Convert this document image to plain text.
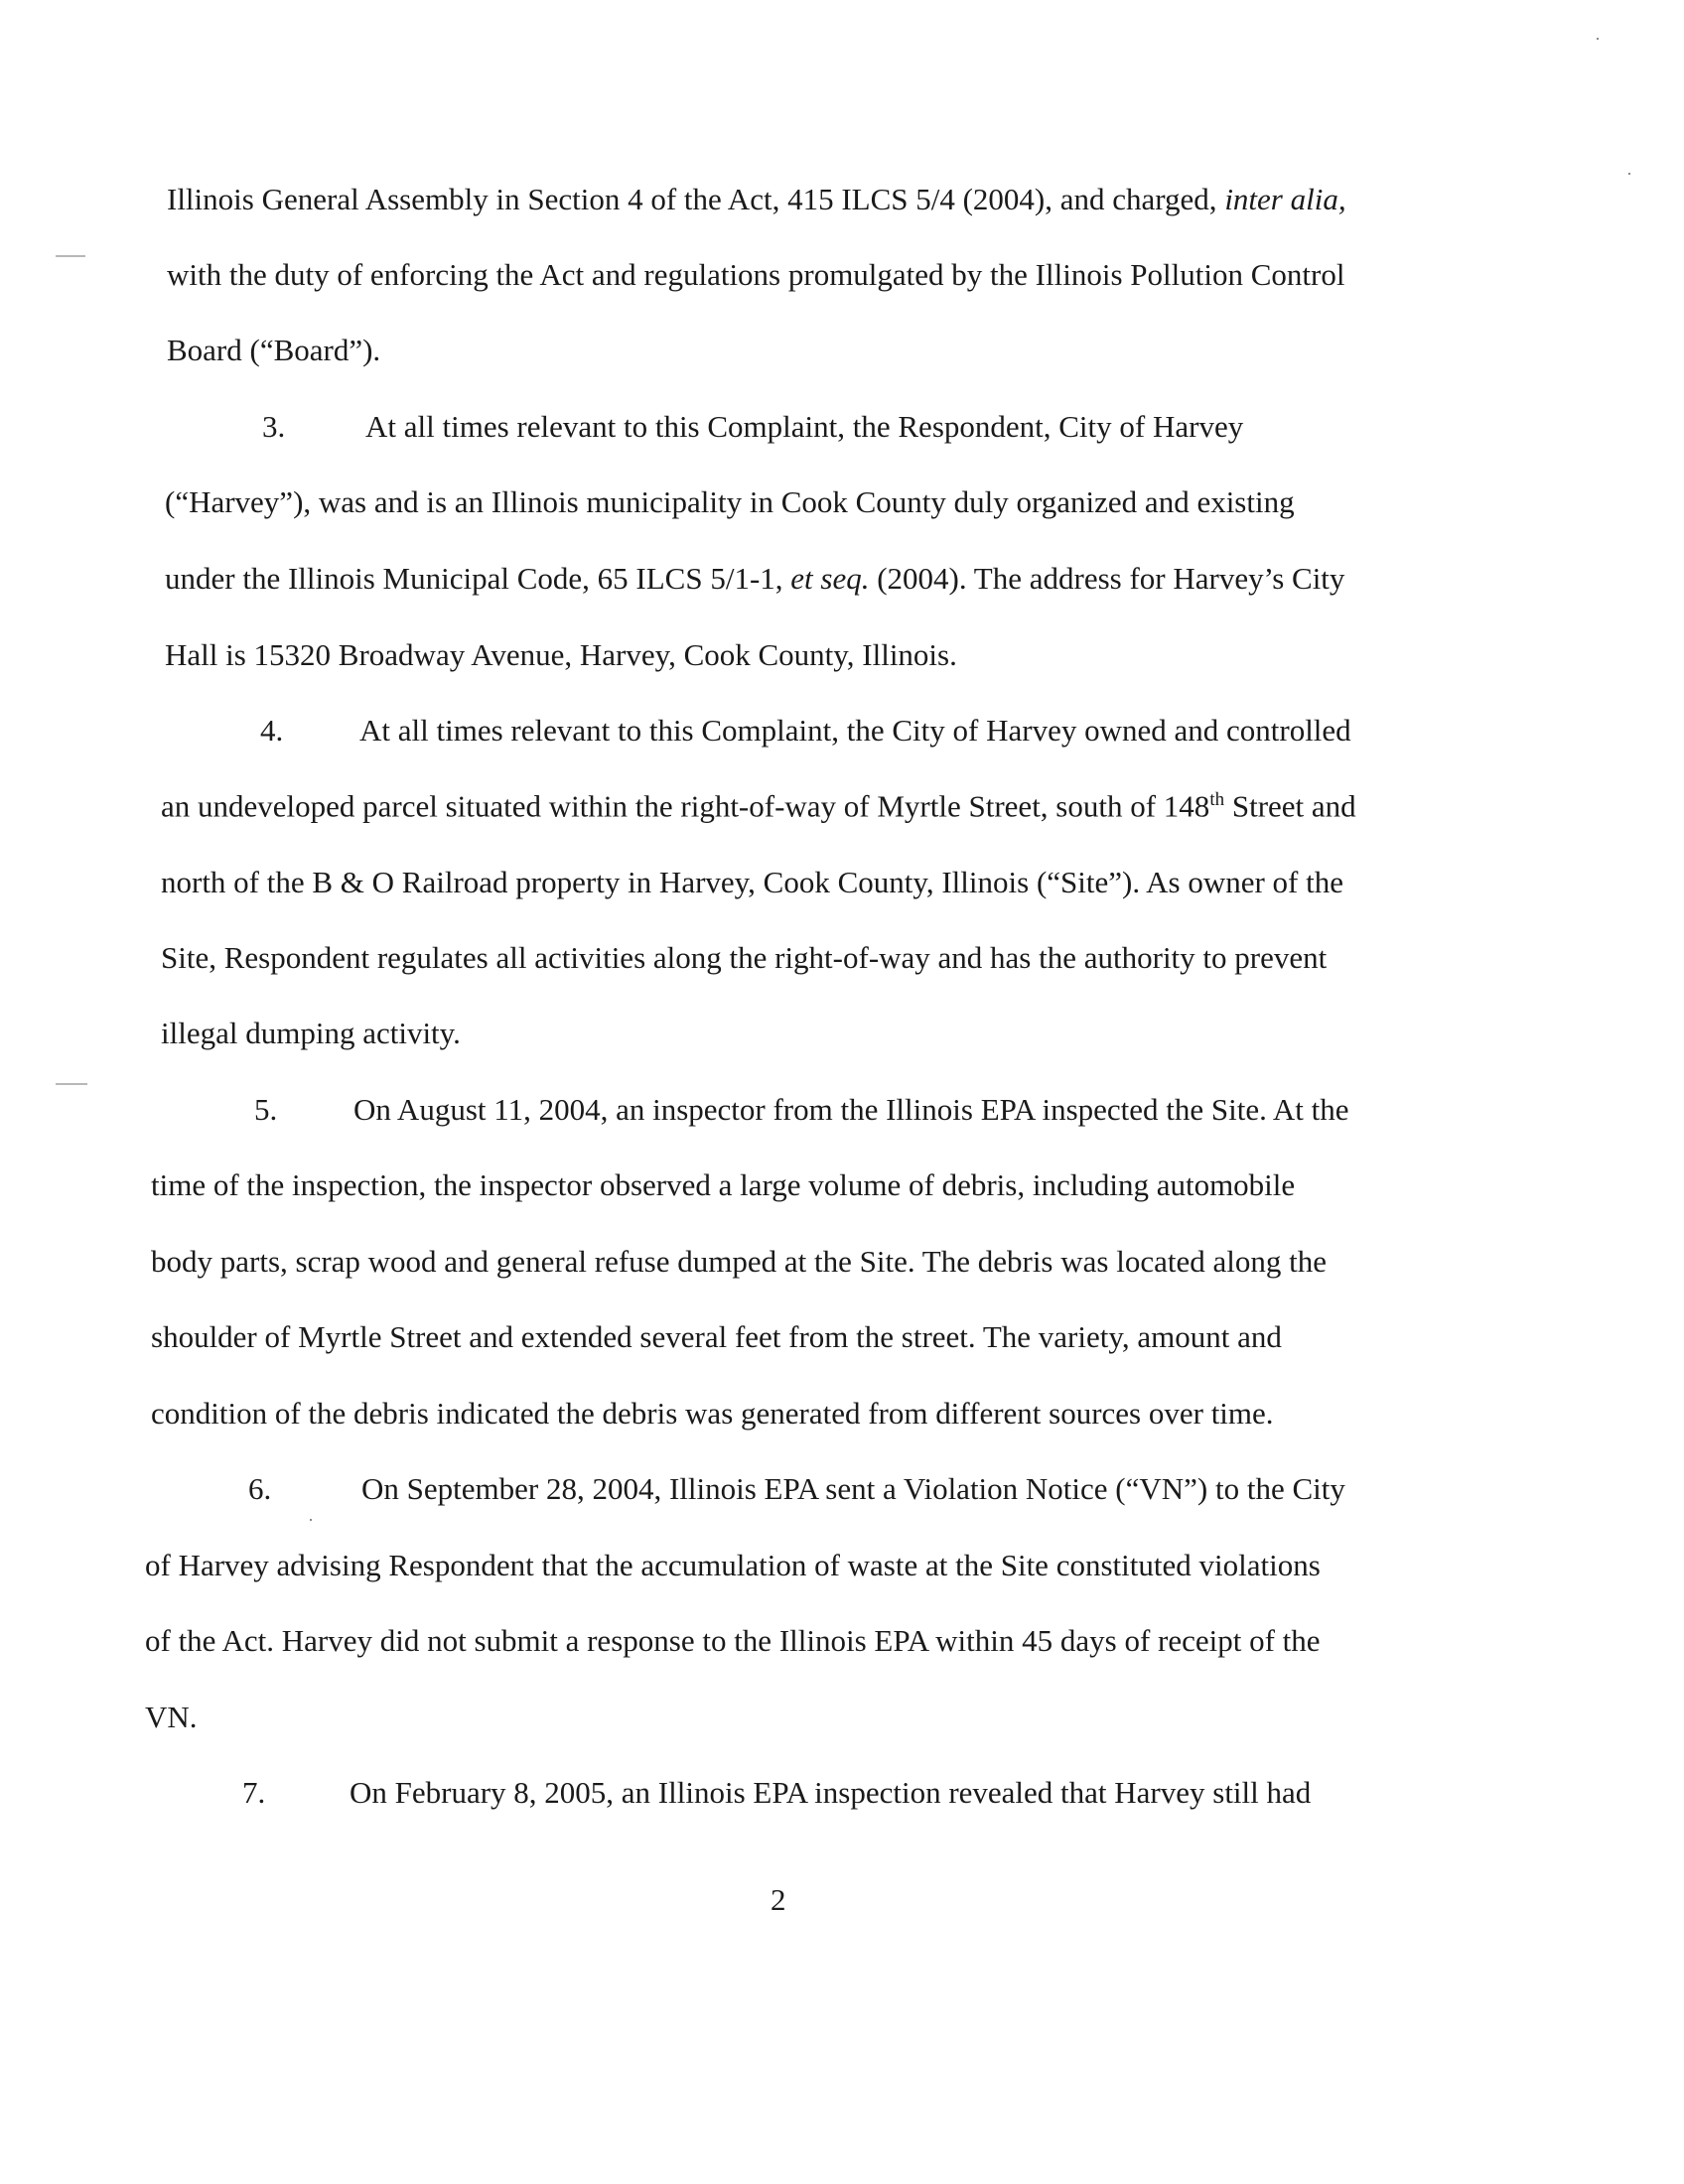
Illinois General Assembly in Section 4 of the Act, 415 ILCS 5/4 (2004), and charged, inter alia,
with the duty of enforcing the Act and regulations promulgated by the Illinois Pollution Control
Board (“Board”).
3.	At all times relevant to this Complaint, the Respondent, City of Harvey
(“Harvey”), was and is an Illinois municipality in Cook County duly organized and existing
under the Illinois Municipal Code, 65 ILCS 5/1-1, et seq. (2004). The address for Harvey’s City
Hall is 15320 Broadway Avenue, Harvey, Cook County, Illinois.
4. At all times relevant to this Complaint, the City of Harvey owned and controlled
an undeveloped parcel situated within the right-of-way of Myrtle Street, south of 148th Street and
north of the B & O Railroad property in Harvey, Cook County, Illinois (“Site”). As owner of the
Site, Respondent regulates all activities along the right-of-way and has the authority to prevent
illegal dumping activity.
5. On August 11, 2004, an inspector from the Illinois EPA inspected the Site. At the
time of the inspection, the inspector observed a large volume of debris, including automobile
body parts, scrap wood and general refuse dumped at the Site. The debris was located along the
shoulder of Myrtle Street and extended several feet from the street. The variety, amount and
condition of the debris indicated the debris was generated from different sources over time.
6.	On September 28, 2004, Illinois EPA sent a Violation Notice (“VN”) to the City
of Harvey advising Respondent that the accumulation of waste at the Site constituted violations
of the Act. Harvey did not submit a response to the Illinois EPA within 45 days of receipt of the
VN.
7.	On February 8, 2005, an Illinois EPA inspection revealed that Harvey still had
2
